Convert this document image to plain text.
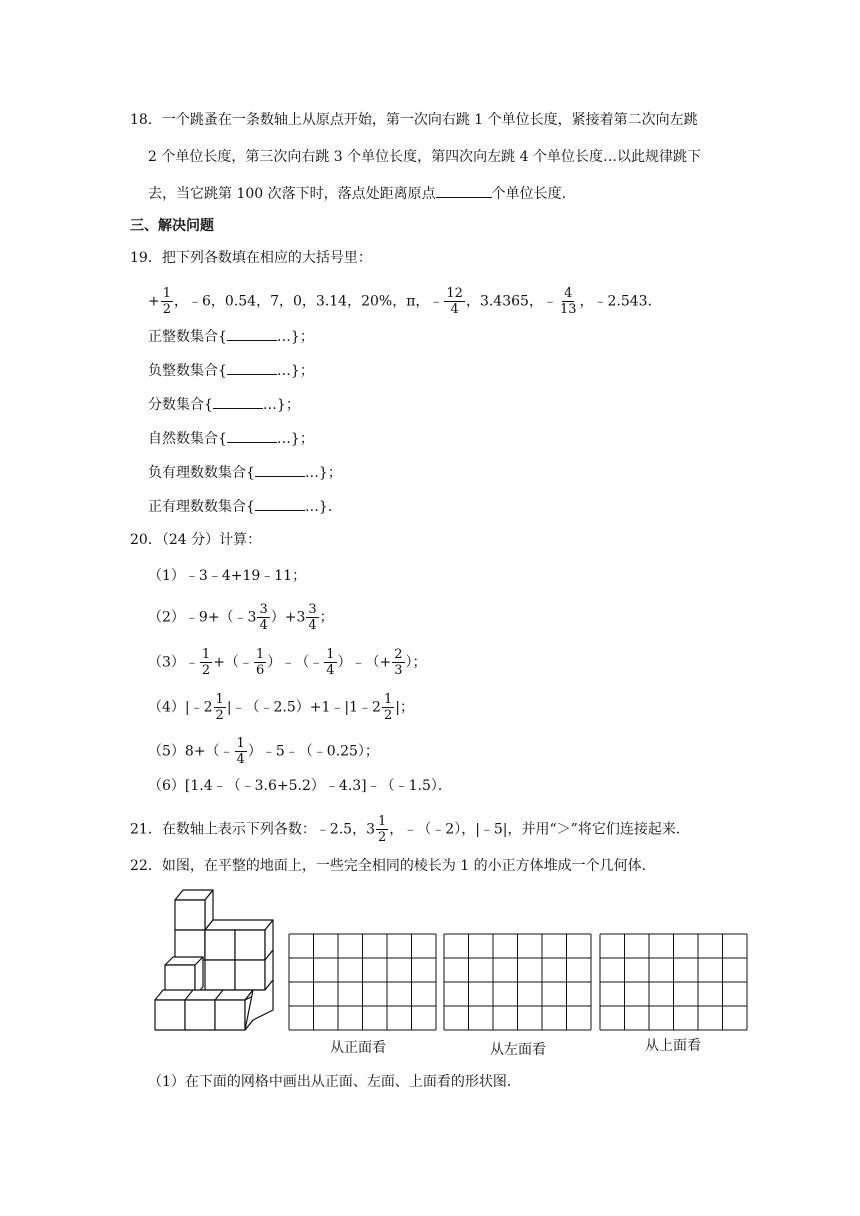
18．一个跳蚤在一条数轴上从原点开始，第一次向右跳 1 个单位长度，紧接着第二次向左跳
2 个单位长度，第三次向右跳 3 个单位长度，第四次向左跳 4 个单位长度…以此规律跳下
去，当它跳第 100 次落下时，落点处距离原点	个单位长度.
三、解决问题
19．把下列各数填在相应的大括号里：
+ $\frac{1}{2}$ ，﹣6，0.54，7，0，3.14，20%，π，﹣ $\frac{12}{4}$ ，3.4365，﹣ $\frac{4}{13}$ ，﹣2.543．
正整数集合{	…}；
负整数集合{	…}；
分数集合{	…}；
自然数集合{	…}；
负有理数数集合{	…}；
正有理数数集合{	…}．
20．（24 分）计算：
（1）﹣3﹣4+19﹣11；
（2）﹣9+（﹣3 $\frac{3}{4} )+3 \frac{3}{4}$ ；
（3）﹣ $\frac{1}{2}$ +（﹣ $\frac{1}{6}$ ）﹣（﹣ $\frac{1}{4}$ ）﹣（+ $\frac{2}{3}$ ）；
（4）|﹣2 $\frac{1}{2}$ |﹣（﹣2.5）+1﹣|1﹣2 $\frac{1}{2}$ |；
（5）8+（﹣ $\frac{1}{4}$ ）﹣5﹣（﹣0.25）；
（6）[1.4﹣（﹣3.6+5.2）﹣4.3]﹣（﹣1.5）．
21．在数轴上表示下列各数：﹣2.5，$3 \frac{1}{2}$ ，﹣（﹣2），|﹣5|，并用“＞”将它们连接起来．
22．如图，在平整的地面上，一些完全相同的棱长为 1 的小正方体堆成一个几何体．
从正面看	从左面看	从上面看
（1）在下面的网格中画出从正面、左面、上面看的形状图．
